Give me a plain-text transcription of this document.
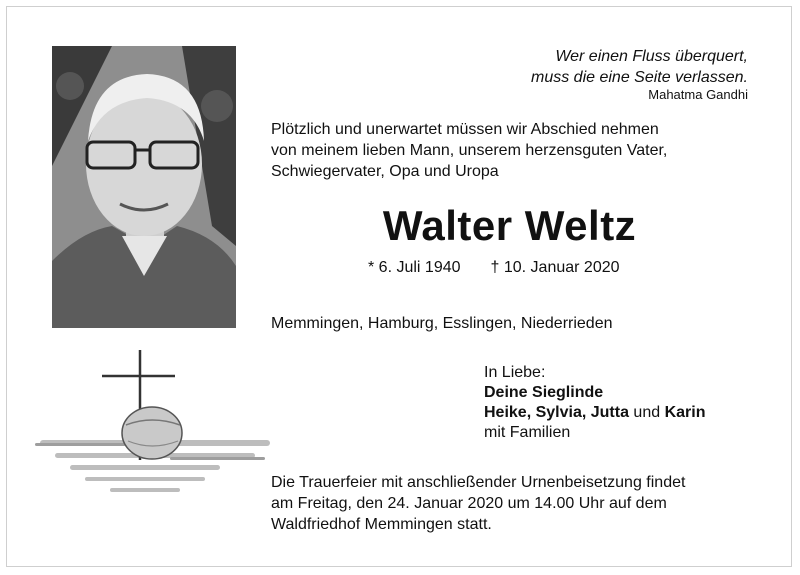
Wer einen Fluss überquert,
muss die eine Seite verlassen.
Mahatma Gandhi

Plötzlich und unerwartet müssen wir Abschied nehmen

von meinem lieben Mann, unserem herzensguten Vater,

Schwiegervater, Opa und Uropa

Walter Weltz
* 6. Juli 1940 † 10. Januar 2020
Memmingen, Hamburg, Esslingen, Niederrieden
In Liebe:
Deine Sieglinde
Heike, Sylvia, Jutta und Karin
mit Familien

Die Trauerfeier mit anschließender Urnenbeisetzung findet

am Freitag, den 24. Januar 2020 um 14.00 Uhr auf dem

Waldfriedhof Memmingen statt.
